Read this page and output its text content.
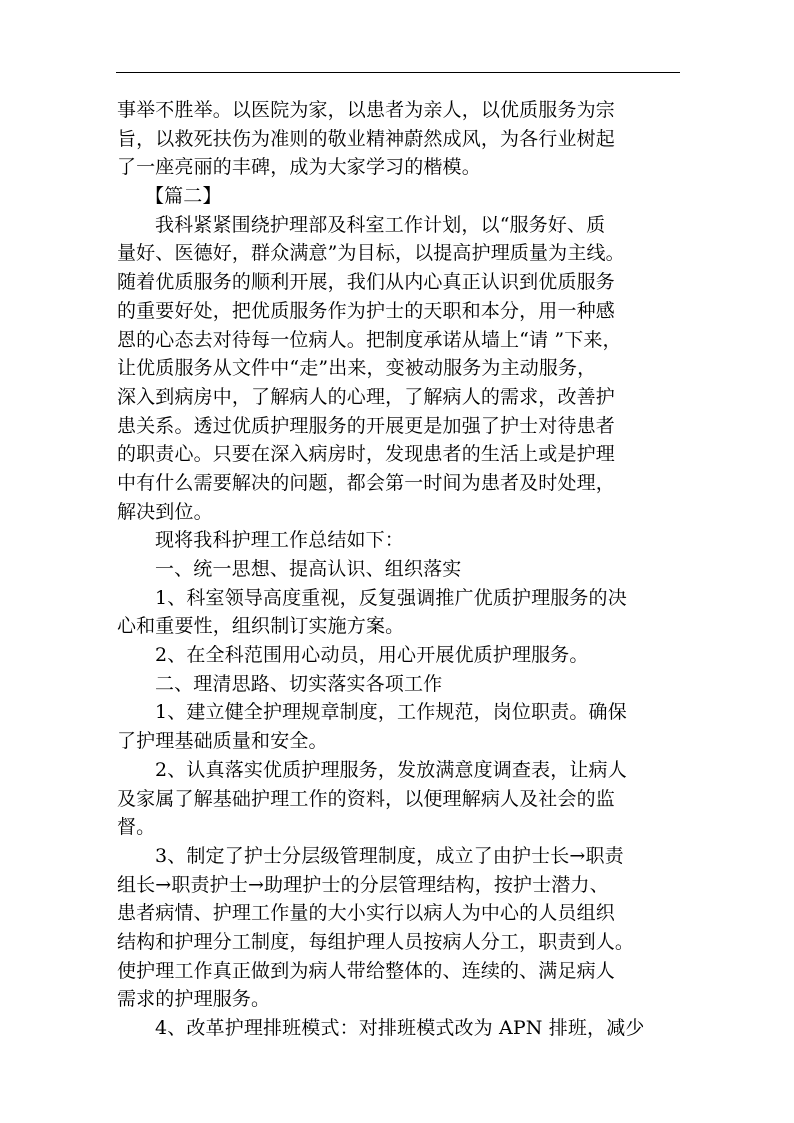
事举不胜举。以医院为家，以患者为亲人，以优质服务为宗
旨，以救死扶伤为准则的敬业精神蔚然成风，为各行业树起
了一座亮丽的丰碑，成为大家学习的楷模。
【篇二】
我科紧紧围绕护理部及科室工作计划，以“服务好、质
量好、医德好，群众满意”为目标，以提高护理质量为主线。
随着优质服务的顺利开展，我们从内心真正认识到优质服务
的重要好处，把优质服务作为护士的天职和本分，用一种感
恩的心态去对待每一位病人。把制度承诺从墙上“请 ”下来，
让优质服务从文件中“走”出来，变被动服务为主动服务，
深入到病房中，了解病人的心理，了解病人的需求，改善护
患关系。透过优质护理服务的开展更是加强了护士对待患者
的职责心。只要在深入病房时，发现患者的生活上或是护理
中有什么需要解决的问题，都会第一时间为患者及时处理，
解决到位。
现将我科护理工作总结如下：
一、统一思想、提高认识、组织落实
1、科室领导高度重视，反复强调推广优质护理服务的决
心和重要性，组织制订实施方案。
2、在全科范围用心动员，用心开展优质护理服务。
二、理清思路、切实落实各项工作
1、建立健全护理规章制度，工作规范，岗位职责。确保
了护理基础质量和安全。
2、认真落实优质护理服务，发放满意度调查表，让病人
及家属了解基础护理工作的资料，以便理解病人及社会的监
督。
3、制定了护士分层级管理制度，成立了由护士长→职责
组长→职责护士→助理护士的分层管理结构，按护士潜力、
患者病情、护理工作量的大小实行以病人为中心的人员组织
结构和护理分工制度，每组护理人员按病人分工，职责到人。
使护理工作真正做到为病人带给整体的、连续的、满足病人
需求的护理服务。
4、改革护理排班模式：对排班模式改为 APN 排班，减少
